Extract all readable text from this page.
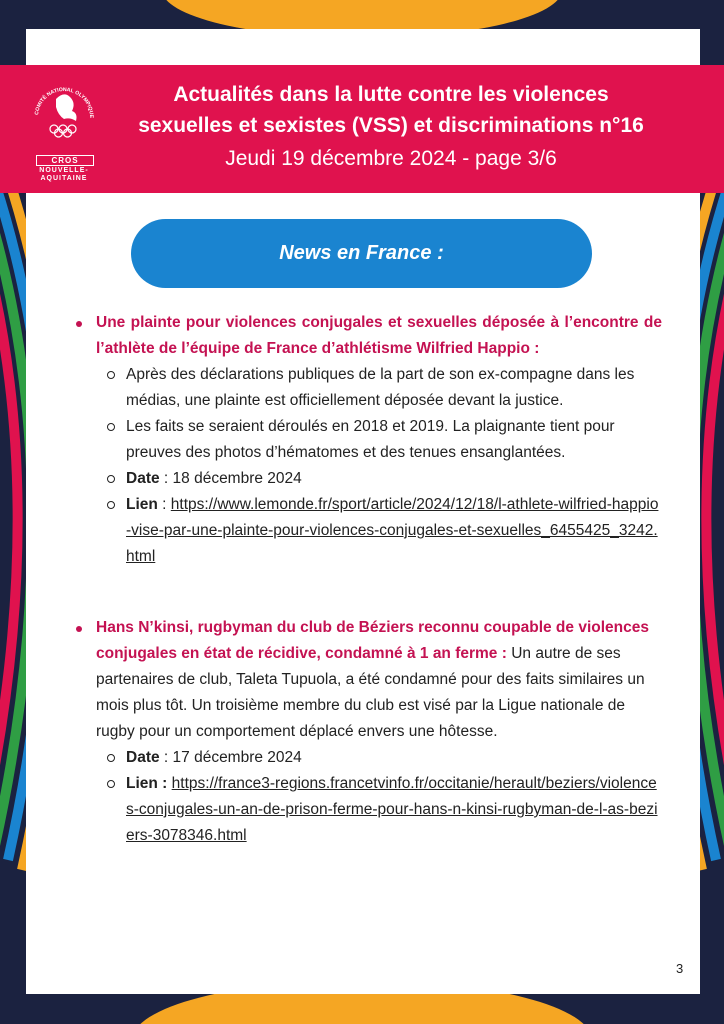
COMITÉ NATIONAL OLYMPIQUE
CROS
NOUVELLE-
AQUITAINE
Actualités dans la lutte contre les violences
sexuelles et sexistes (VSS) et discriminations n°16
Jeudi 19 décembre 2024 - page 3/6
News en France :
Une plainte pour violences conjugales et sexuelles déposée à l’encontre de l’athlète de l’équipe de France d’athlétisme Wilfried Happio :
Après des déclarations publiques de la part de son ex-compagne dans les médias, une plainte est officiellement déposée devant la justice.
Les faits se seraient déroulés en 2018 et 2019. La plaignante tient pour preuves des photos d’hématomes et des tenues ensanglantées.
Date : 18 décembre 2024
Lien : https://www.lemonde.fr/sport/article/2024/12/18/l-athlete-wilfried-happio-vise-par-une-plainte-pour-violences-conjugales-et-sexuelles_6455425_3242.html
Hans N’kinsi, rugbyman du club de Béziers reconnu coupable de violences conjugales en état de récidive, condamné à 1 an ferme : Un autre de ses partenaires de club, Taleta Tupuola, a été condamné pour des faits similaires un mois plus tôt. Un troisième membre du club est visé par la Ligue nationale de rugby pour un comportement déplacé envers une hôtesse.
Date : 17 décembre 2024
Lien : https://france3-regions.francetvinfo.fr/occitanie/herault/beziers/violences-conjugales-un-an-de-prison-ferme-pour-hans-n-kinsi-rugbyman-de-l-as-beziers-3078346.html
3
